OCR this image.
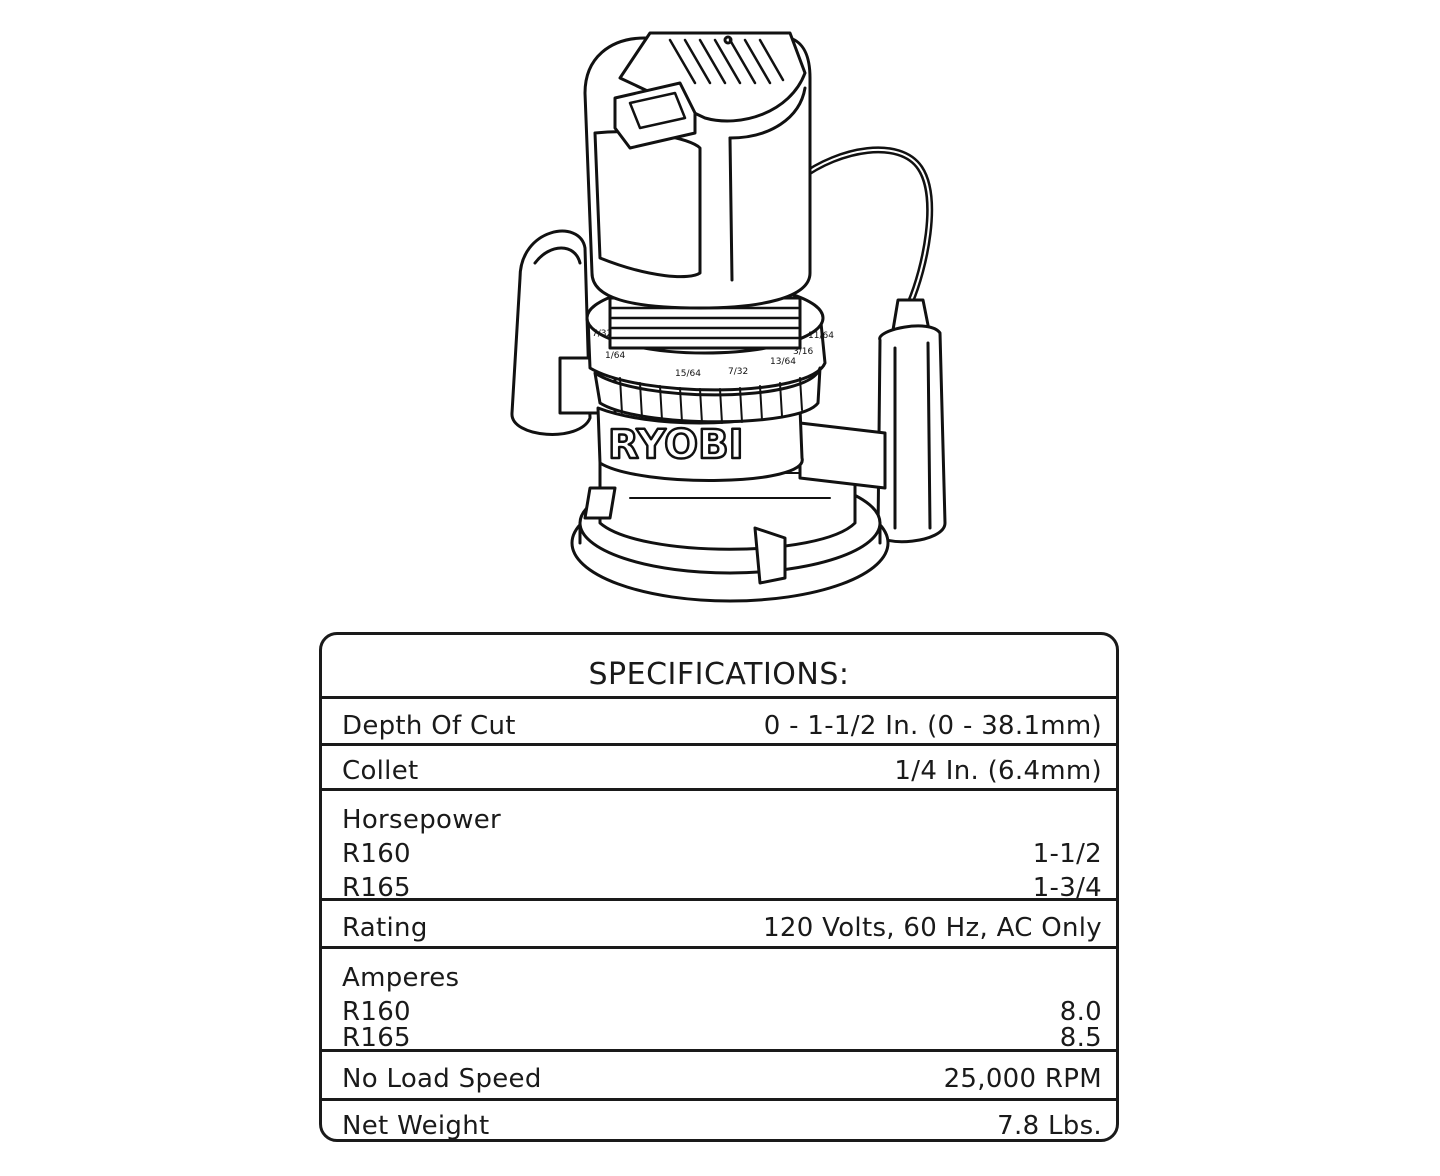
RYOBI
7/32
1/64
15/64	7/32
13/64
3/16
11/64
SPECIFICATIONS:
Depth Of Cut	0 - 1-1/2 In. (0 - 38.1mm)
Collet	1/4 In. (6.4mm)
Horsepower
R160	1-1/2
R165	1-3/4
Rating	120 Volts, 60 Hz, AC Only
Amperes
R160	8.0
R165	8.5
No Load Speed	25,000 RPM
Net Weight	7.8 Lbs.
